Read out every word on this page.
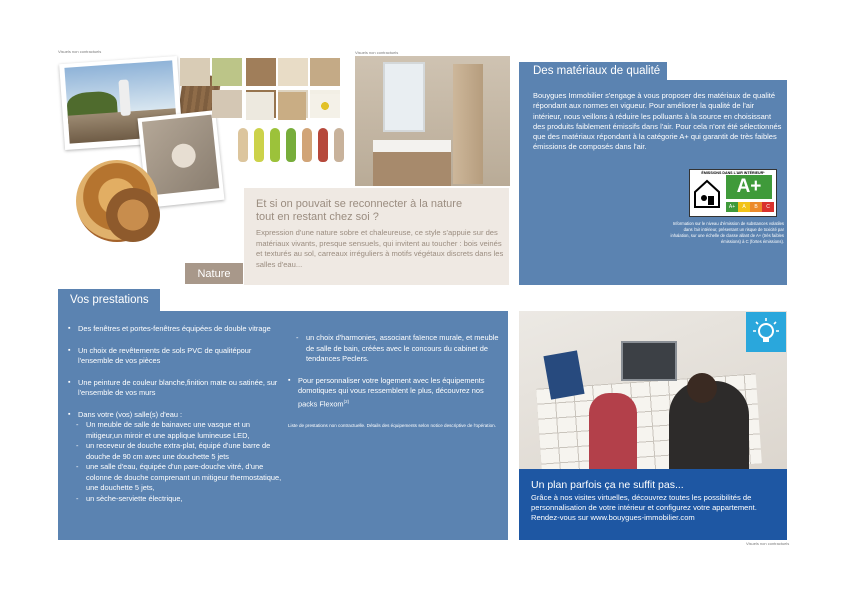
Visuels non contractuels	Visuels non contractuels
Visuels non contractuels
Et si on pouvait se reconnecter à la nature
tout en restant chez soi ?
Expression d'une nature sobre et chaleureuse, ce style s'appuie sur des matériaux vivants, presque sensuels, qui invitent au toucher : bois veinés et texturés au sol, carreaux irréguliers à motifs végétaux discrets dans les salles d'eau...
Nature
Des matériaux de qualité
Bouygues Immobilier s'engage à vous proposer des matériaux de qualité répondant aux normes en vigueur. Pour améliorer la qualité de l'air intérieur, nous veillons à réduire les polluants à la source en choisissant des produits faiblement émissifs dans l'air. Pour cela n'ont été sélectionnés que des matériaux répondant à la catégorie A+ qui garantit de très faibles émissions de composés dans l'air.
ÉMISSIONS DANS L'AIR INTÉRIEUR*
A+
A+	A	B	C
Information sur le niveau d'émission de substances volatiles dans l'air intérieur, présentant un risque de toxicité par inhalation, sur une échelle de classe allant de A+ (très faibles émissions) à C (fortes émissions).
Vos prestations
▪ Des fenêtres et portes-fenêtres équipées de double vitrage
▪ Un choix de revêtements de sols PVC de qualitépour l'ensemble de vos pièces
▪ Une peinture de couleur blanche,finition mate ou satinée, sur l'ensemble de vos murs
▪ Dans votre (vos) salle(s) d'eau :
- Un meuble de salle de bainavec une vasque et un mitigeur,un miroir et une applique lumineuse LED,
- un receveur de douche extra-plat, équipé d'une barre de douche de 90 cm avec une douchette 5 jets
- une salle d'eau, équipée d'un pare-douche vitré, d'une colonne de douche comprenant un mitigeur thermostatique, une douchette 5 jets,
- un sèche-serviette électrique,
- un choix d'harmonies, associant faïence murale, et meuble de salle de bain, créées avec le concours du cabinet de tendances Peclers.
▪ Pour personnaliser votre logement avec les équipements domotiques qui vous ressemblent le plus, découvrez nos packs Flexom$^{(2)}$
Liste de prestations non contractuelle. Détails des équipements selon notice descriptive de l'opération.
Un plan parfois ça ne suffit pas...
Grâce à nos visites virtuelles, découvrez toutes les possibilités de personnalisation de votre intérieur et configurez votre appartement. Rendez-vous sur www.bouygues-immobilier.com
